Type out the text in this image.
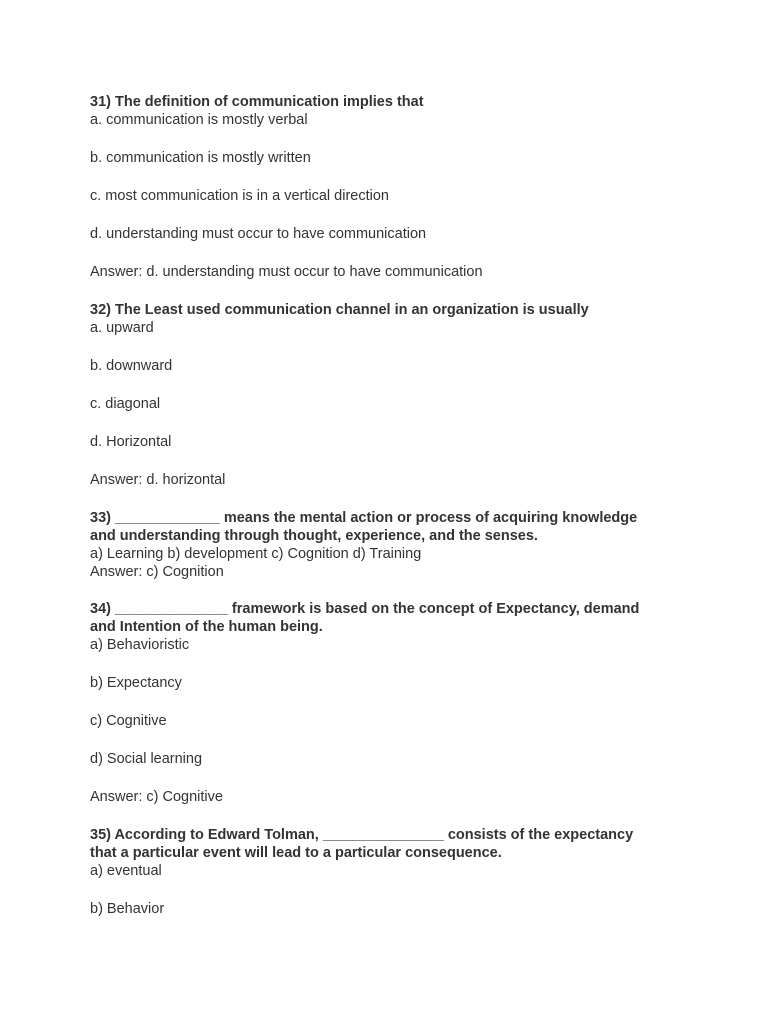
31) The definition of communication implies that

a. communication is mostly verbal

b. communication is mostly written

c. most communication is in a vertical direction

d. understanding must occur to have communication

Answer: d. understanding must occur to have communication

32) The Least used communication channel in an organization is usually

a. upward

b. downward

c. diagonal

d. Horizontal

Answer: d. horizontal

33) _____________ means the mental action or process of acquiring knowledge

and understanding through thought, experience, and the senses.

a) Learning b) development c) Cognition d) Training

Answer: c) Cognition

34) ______________ framework is based on the concept of Expectancy, demand

and Intention of the human being.

a) Behavioristic

b) Expectancy

c) Cognitive

d) Social learning

Answer: c) Cognitive

35) According to Edward Tolman, _______________ consists of the expectancy

that a particular event will lead to a particular consequence.

a) eventual

b) Behavior
